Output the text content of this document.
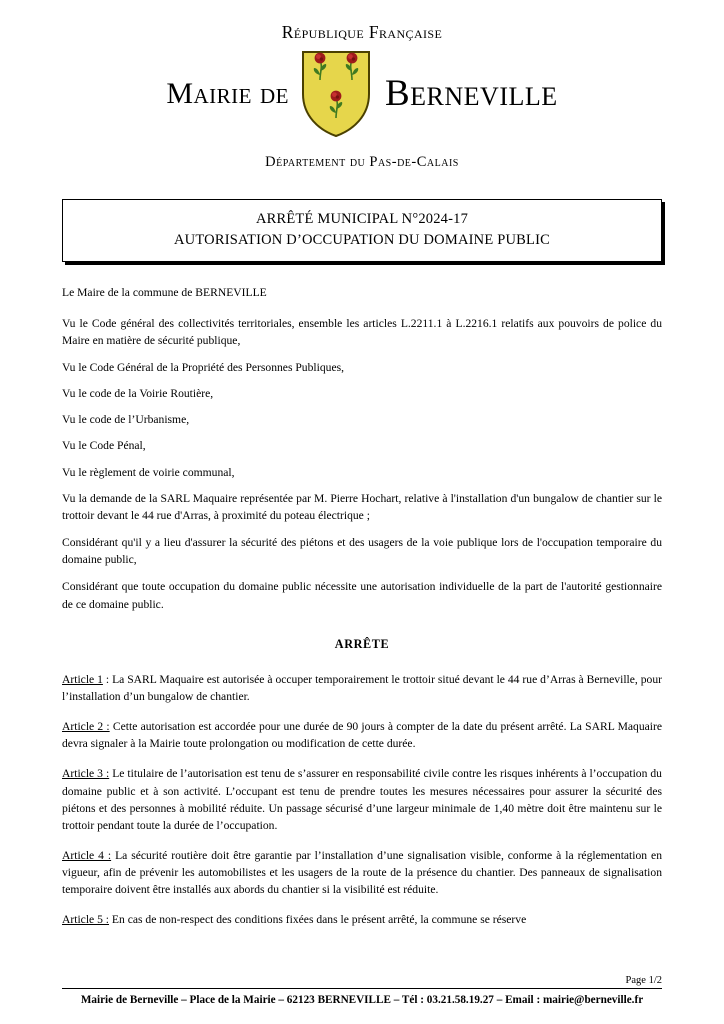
République Française
Mairie de	Berneville
Département du Pas-de-Calais
ARRÊTÉ MUNICIPAL N°2024-17
AUTORISATION D’OCCUPATION DU DOMAINE PUBLIC

Le Maire de la commune de BERNEVILLE

Vu le Code général des collectivités territoriales, ensemble les articles L.2211.1 à L.2216.1 relatifs aux pouvoirs de police du Maire en matière de sécurité publique,

Vu le Code Général de la Propriété des Personnes Publiques,

Vu le code de la Voirie Routière,

Vu le code de l’Urbanisme,

Vu le Code Pénal,

Vu le règlement de voirie communal,

Vu la demande de la SARL Maquaire représentée par M. Pierre Hochart, relative à l'installation d'un bungalow de chantier sur le trottoir devant le 44 rue d'Arras, à proximité du poteau électrique ;

Considérant qu'il y a lieu d'assurer la sécurité des piétons et des usagers de la voie publique lors de l'occupation temporaire du domaine public,

Considérant que toute occupation du domaine public nécessite une autorisation individuelle de la part de l'autorité gestionnaire de ce domaine public.

ARRÊTE

Article 1 : La SARL Maquaire est autorisée à occuper temporairement le trottoir situé devant le 44 rue d’Arras à Berneville, pour l’installation d’un bungalow de chantier.

Article 2 : Cette autorisation est accordée pour une durée de 90 jours à compter de la date du présent arrêté. La SARL Maquaire devra signaler à la Mairie toute prolongation ou modification de cette durée.

Article 3 : Le titulaire de l’autorisation est tenu de s’assurer en responsabilité civile contre les risques inhérents à l’occupation du domaine public et à son activité. L’occupant est tenu de prendre toutes les mesures nécessaires pour assurer la sécurité des piétons et des personnes à mobilité réduite. Un passage sécurisé d’une largeur minimale de 1,40 mètre doit être maintenu sur le trottoir pendant toute la durée de l’occupation.

Article 4 : La sécurité routière doit être garantie par l’installation d’une signalisation visible, conforme à la réglementation en vigueur, afin de prévenir les automobilistes et les usagers de la route de la présence du chantier. Des panneaux de signalisation temporaire doivent être installés aux abords du chantier si la visibilité est réduite.

Article 5 : En cas de non-respect des conditions fixées dans le présent arrêté, la commune se réserve

Page 1/2
Mairie de Berneville – Place de la Mairie – 62123 BERNEVILLE – Tél : 03.21.58.19.27 – Email : mairie@berneville.fr
